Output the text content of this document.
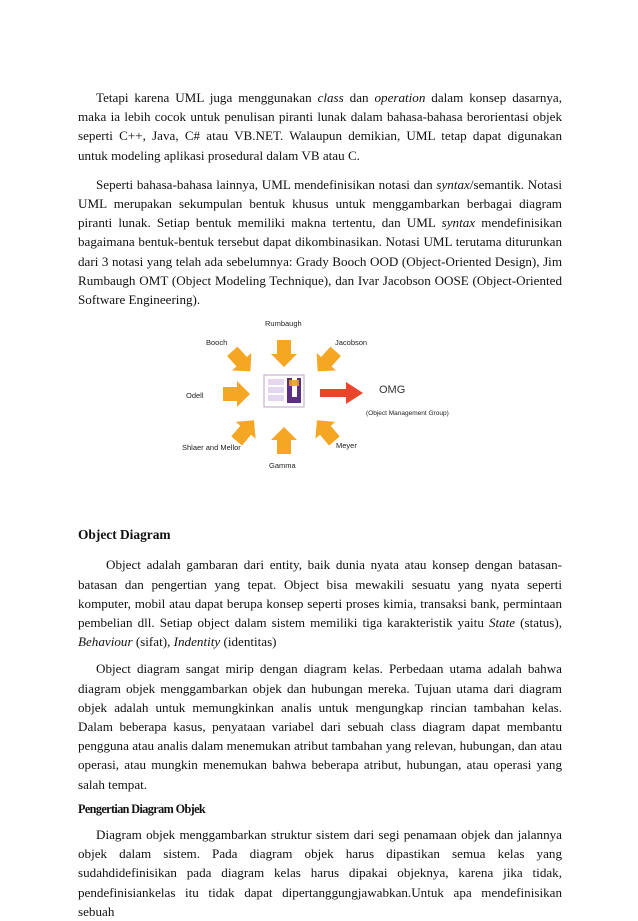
Tetapi karena UML juga menggunakan class dan operation dalam konsep dasarnya, maka ia lebih cocok untuk penulisan piranti lunak dalam bahasa-bahasa berorientasi objek seperti C++, Java, C# atau VB.NET. Walaupun demikian, UML tetap dapat digunakan untuk modeling aplikasi prosedural dalam VB atau C.

Seperti bahasa-bahasa lainnya, UML mendefinisikan notasi dan syntax/semantik. Notasi UML merupakan sekumpulan bentuk khusus untuk menggambarkan berbagai diagram piranti lunak. Setiap bentuk memiliki makna tertentu, dan UML syntax mendefinisikan bagaimana bentuk-bentuk tersebut dapat dikombinasikan. Notasi UML terutama diturunkan dari 3 notasi yang telah ada sebelumnya: Grady Booch OOD (Object-Oriented Design), Jim Rumbaugh OMT (Object Modeling Technique), dan Ivar Jacobson OOSE (Object-Oriented Software Engineering).

Rumbaugh
Booch	Jacobson
Odell	OMG
(Object Management Group)
Shlaer and Mellor	Meyer
Gamma

Object Diagram

Object adalah gambaran dari entity, baik dunia nyata atau konsep dengan batasan-batasan dan pengertian yang tepat. Object bisa mewakili sesuatu yang nyata seperti komputer, mobil atau dapat berupa konsep seperti proses kimia, transaksi bank, permintaan pembelian dll. Setiap object dalam sistem memiliki tiga karakteristik yaitu State (status), Behaviour (sifat), Indentity (identitas)

Object diagram sangat mirip dengan diagram kelas. Perbedaan utama adalah bahwa diagram objek menggambarkan objek dan hubungan mereka. Tujuan utama dari diagram objek adalah untuk memungkinkan analis untuk mengungkap rincian tambahan kelas. Dalam beberapa kasus, penyataan variabel dari sebuah class diagram dapat membantu pengguna atau analis dalam menemukan atribut tambahan yang relevan, hubungan, dan atau operasi, atau mungkin menemukan bahwa beberapa atribut, hubungan, atau operasi yang salah tempat.

Pengertian Diagram Objek

Diagram objek menggambarkan struktur sistem dari segi penamaan objek dan jalannya objek dalam sistem. Pada diagram objek harus dipastikan semua kelas yang sudahdidefinisikan pada diagram kelas harus dipakai objeknya, karena jika tidak, pendefinisiankelas itu tidak dapat dipertanggungjawabkan.Untuk apa mendefinisikan sebuah
